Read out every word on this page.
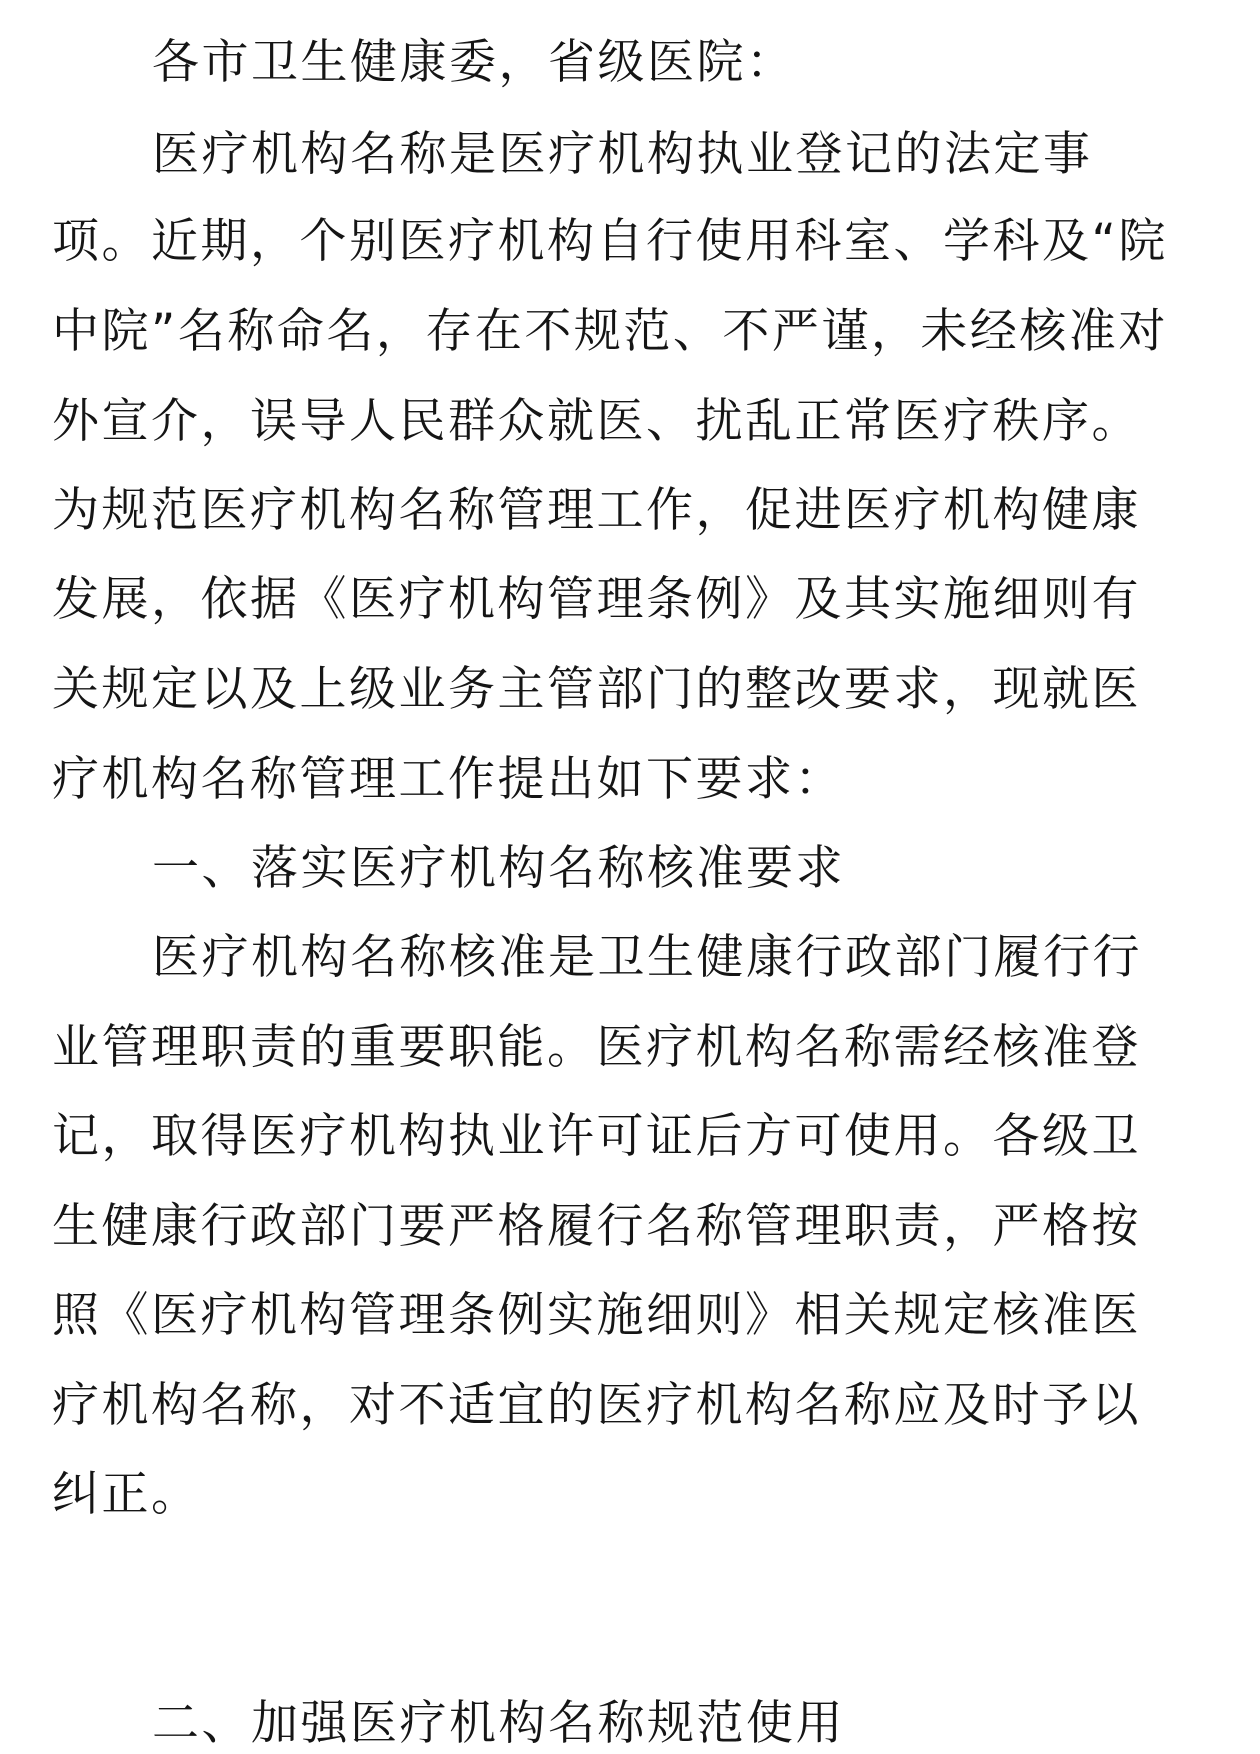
各市卫生健康委，省级医院：

医疗机构名称是医疗机构执业登记的法定事

项。近期，个别医疗机构自行使用科室、学科及“院

中院”名称命名，存在不规范、不严谨，未经核准对

外宣介，误导人民群众就医、扰乱正常医疗秩序。

为规范医疗机构名称管理工作，促进医疗机构健康

发展，依据《医疗机构管理条例》及其实施细则有

关规定以及上级业务主管部门的整改要求，现就医

疗机构名称管理工作提出如下要求：

一、落实医疗机构名称核准要求

医疗机构名称核准是卫生健康行政部门履行行

业管理职责的重要职能。医疗机构名称需经核准登

记，取得医疗机构执业许可证后方可使用。各级卫

生健康行政部门要严格履行名称管理职责，严格按

照《医疗机构管理条例实施细则》相关规定核准医

疗机构名称，对不适宜的医疗机构名称应及时予以

纠正。

二、加强医疗机构名称规范使用
